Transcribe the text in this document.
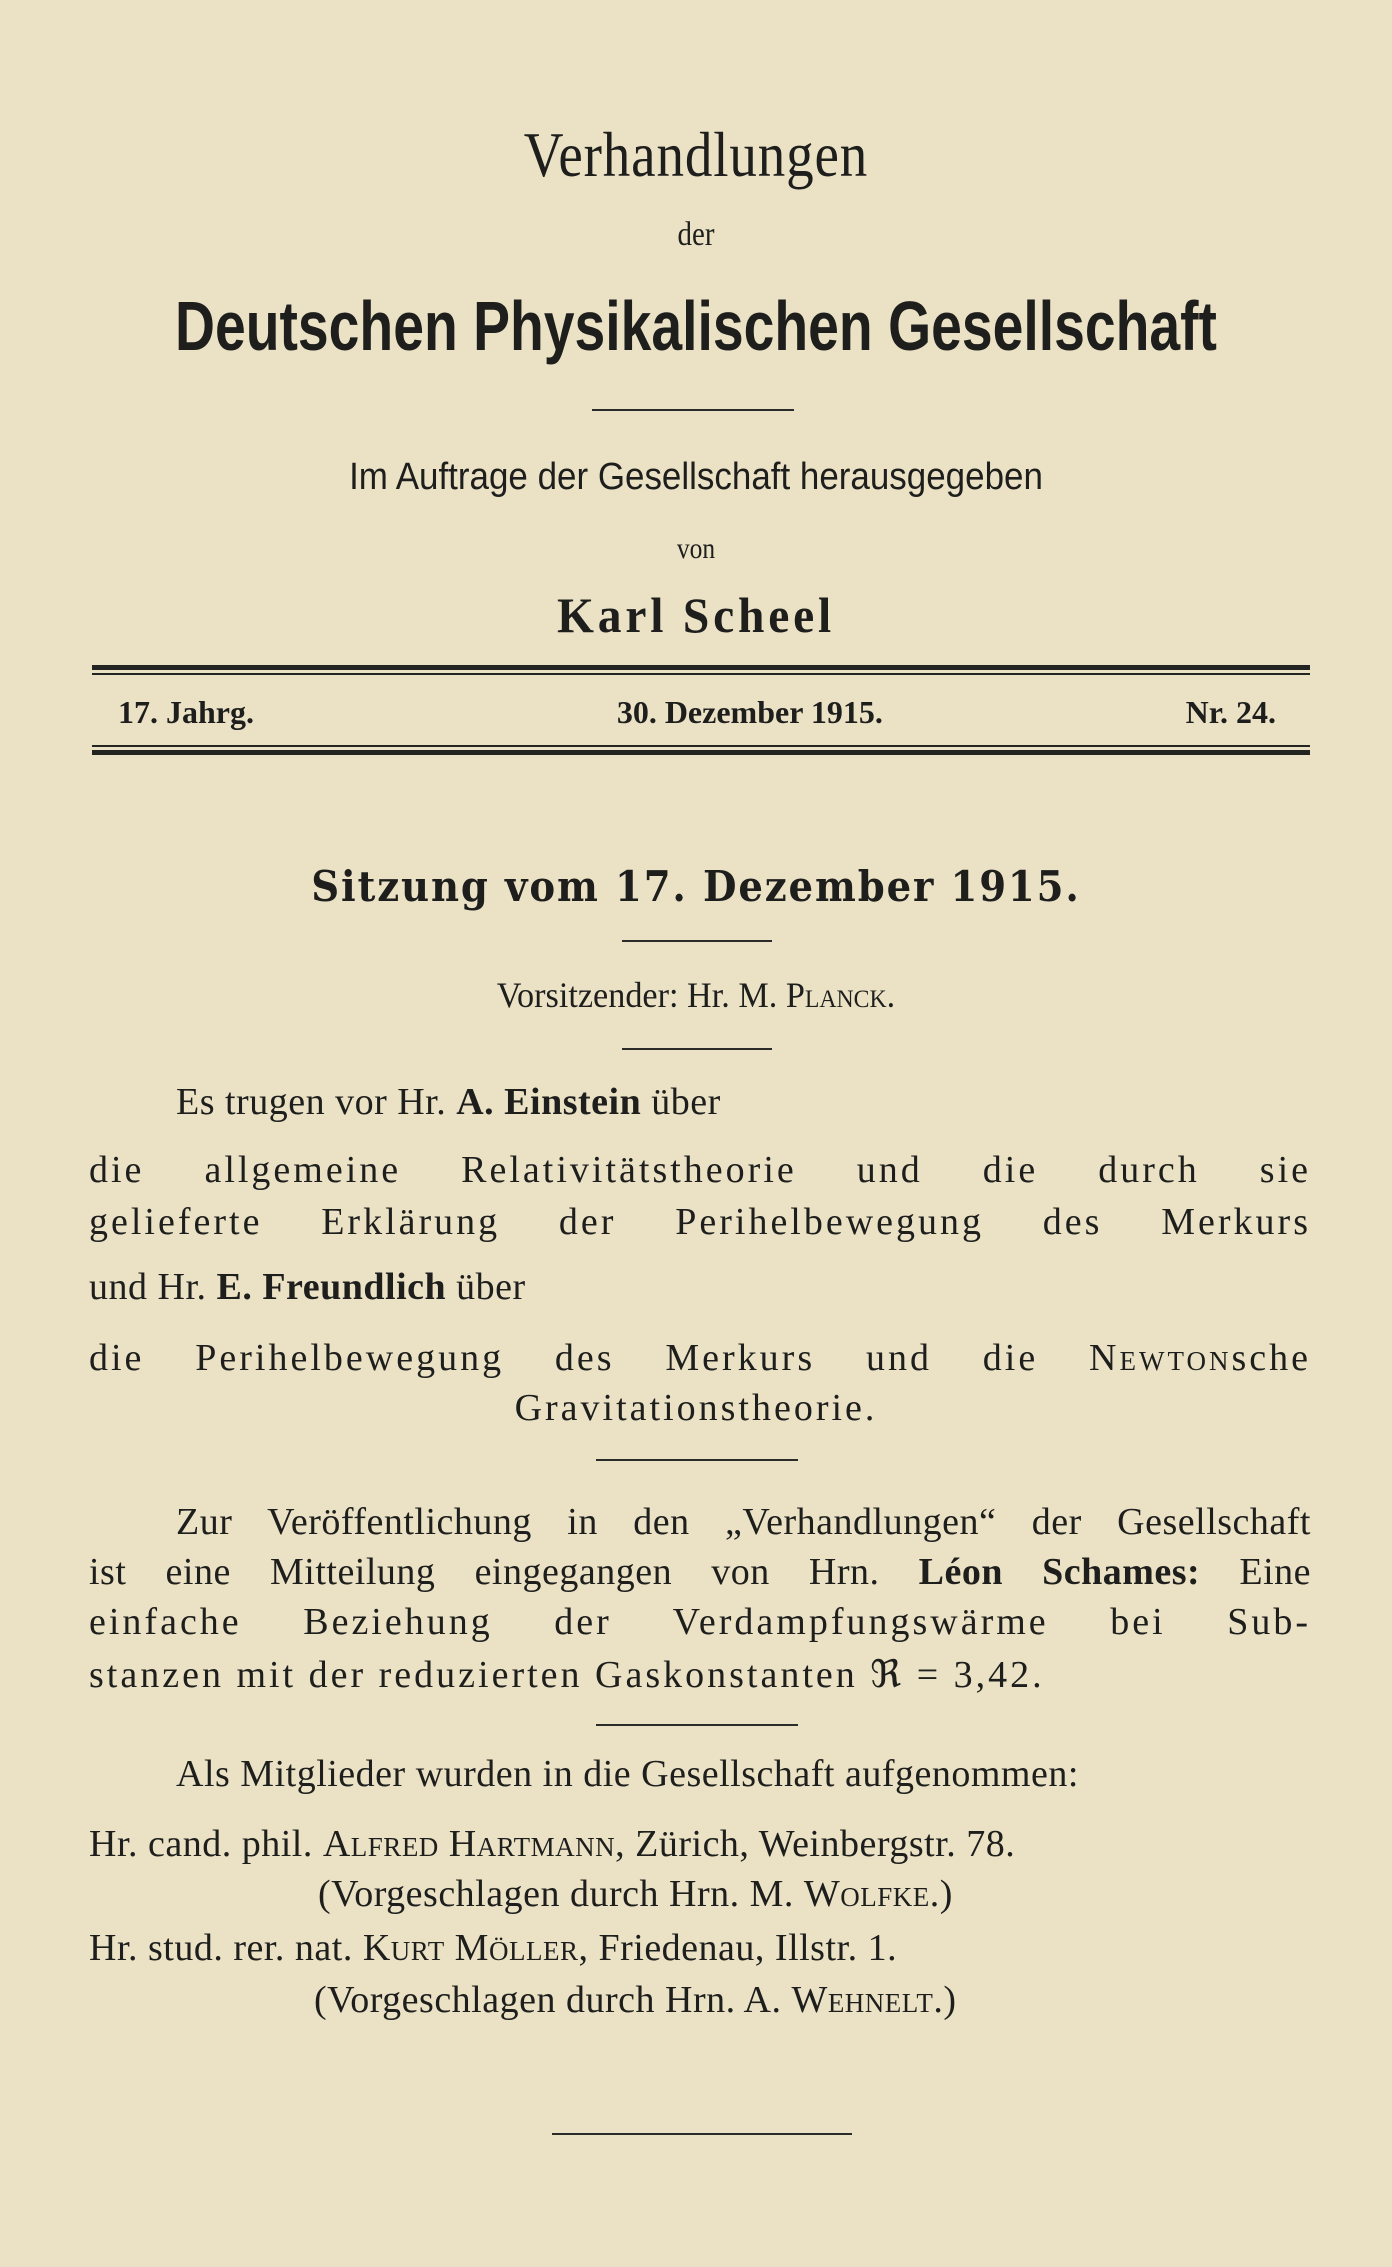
Verhandlungen
der
Deutschen Physikalischen Gesellschaft
Im Auftrage der Gesellschaft herausgegeben
von
Karl Scheel
17. Jahrg.	30. Dezember 1915.	Nr. 24.
Sitzung vom 17. Dezember 1915.
Vorsitzender: Hr. M. Planck.
Es trugen vor Hr. A. Einstein über
die allgemeine Relativitätstheorie und die durch sie
gelieferte Erklärung der Perihelbewegung des Merkurs
und Hr. E. Freundlich über
die Perihelbewegung des Merkurs und die Newtonsche
Gravitationstheorie.
Zur Veröffentlichung in den „Verhandlungen“ der Gesellschaft
ist eine Mitteilung eingegangen von Hrn. Léon Schames: Eine
einfache Beziehung der Verdampfungswärme bei Sub-
stanzen mit der reduzierten Gaskonstanten ℜ = 3,42.
Als Mitglieder wurden in die Gesellschaft aufgenommen:
Hr. cand. phil. Alfred Hartmann, Zürich, Weinbergstr. 78.
(Vorgeschlagen durch Hrn. M. Wolfke.)
Hr. stud. rer. nat. Kurt Möller, Friedenau, Illstr. 1.
(Vorgeschlagen durch Hrn. A. Wehnelt.)
